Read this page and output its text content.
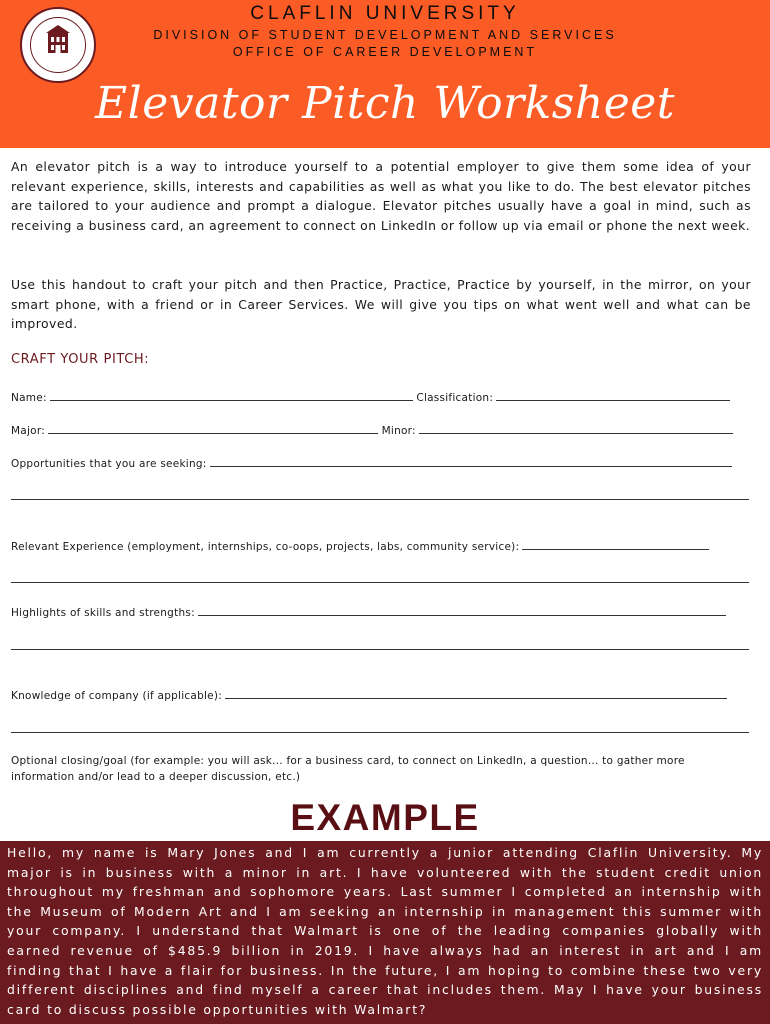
CLAFLIN UNIVERSITY
DIVISION OF STUDENT DEVELOPMENT AND SERVICES
OFFICE OF CAREER DEVELOPMENT
Elevator Pitch Worksheet
An elevator pitch is a way to introduce yourself to a potential employer to give them some idea of your relevant experience, skills, interests and capabilities as well as what you like to do. The best elevator pitches are tailored to your audience and prompt a dialogue. Elevator pitches usually have a goal in mind, such as receiving a business card, an agreement to connect on LinkedIn or follow up via email or phone the next week.
Use this handout to craft your pitch and then Practice, Practice, Practice by yourself, in the mirror, on your smart phone, with a friend or in Career Services. We will give you tips on what went well and what can be improved.
CRAFT YOUR PITCH:
Name:	Classification:
Major:	Minor:
Opportunities that you are seeking:
Relevant Experience (employment, internships, co-oops, projects, labs, community service):
Highlights of skills and strengths:
Knowledge of company (if applicable):
Optional closing/goal (for example: you will ask... for a business card, to connect on LinkedIn, a question... to gather more
information and/or lead to a deeper discussion, etc.)
EXAMPLE
Hello, my name is Mary Jones and I am currently a junior attending Claflin University. My major is in business with a minor in art. I have volunteered with the student credit union throughout my freshman and sophomore years. Last summer I completed an internship with the Museum of Modern Art and I am seeking an internship in management this summer with your company. I understand that Walmart is one of the leading companies globally with earned revenue of $485.9 billion in 2019. I have always had an interest in art and I am finding that I have a flair for business. In the future, I am hoping to combine these two very different disciplines and find myself a career that includes them. May I have your business card to discuss possible opportunities with Walmart?
